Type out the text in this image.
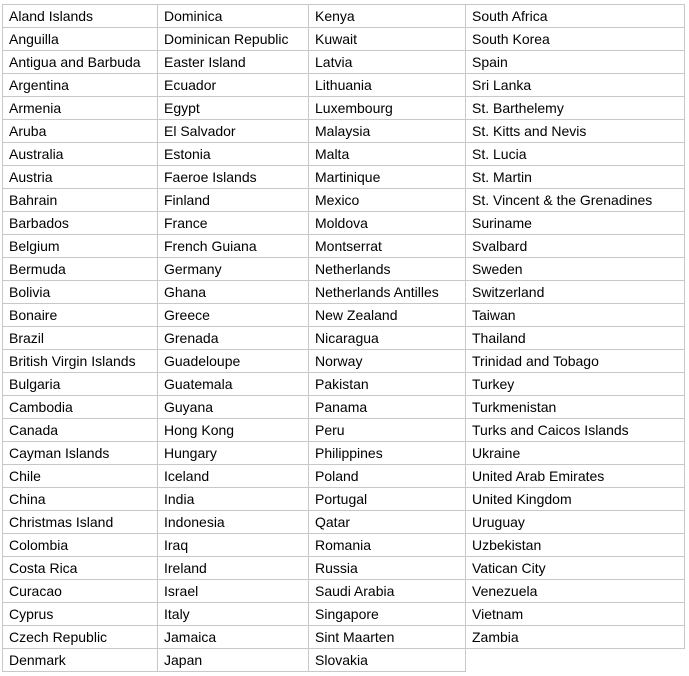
Aland Islands	Dominica	Kenya	South Africa
Anguilla	Dominican Republic	Kuwait	South Korea
Antigua and Barbuda	Easter Island	Latvia	Spain
Argentina	Ecuador	Lithuania	Sri Lanka
Armenia	Egypt	Luxembourg	St. Barthelemy
Aruba	El Salvador	Malaysia	St. Kitts and Nevis
Australia	Estonia	Malta	St. Lucia
Austria	Faeroe Islands	Martinique	St. Martin
Bahrain	Finland	Mexico	St. Vincent & the Grenadines
Barbados	France	Moldova	Suriname
Belgium	French Guiana	Montserrat	Svalbard
Bermuda	Germany	Netherlands	Sweden
Bolivia	Ghana	Netherlands Antilles	Switzerland
Bonaire	Greece	New Zealand	Taiwan
Brazil	Grenada	Nicaragua	Thailand
British Virgin Islands	Guadeloupe	Norway	Trinidad and Tobago
Bulgaria	Guatemala	Pakistan	Turkey
Cambodia	Guyana	Panama	Turkmenistan
Canada	Hong Kong	Peru	Turks and Caicos Islands
Cayman Islands	Hungary	Philippines	Ukraine
Chile	Iceland	Poland	United Arab Emirates
China	India	Portugal	United Kingdom
Christmas Island	Indonesia	Qatar	Uruguay
Colombia	Iraq	Romania	Uzbekistan
Costa Rica	Ireland	Russia	Vatican City
Curacao	Israel	Saudi Arabia	Venezuela
Cyprus	Italy	Singapore	Vietnam
Czech Republic	Jamaica	Sint Maarten	Zambia
Denmark	Japan	Slovakia	
